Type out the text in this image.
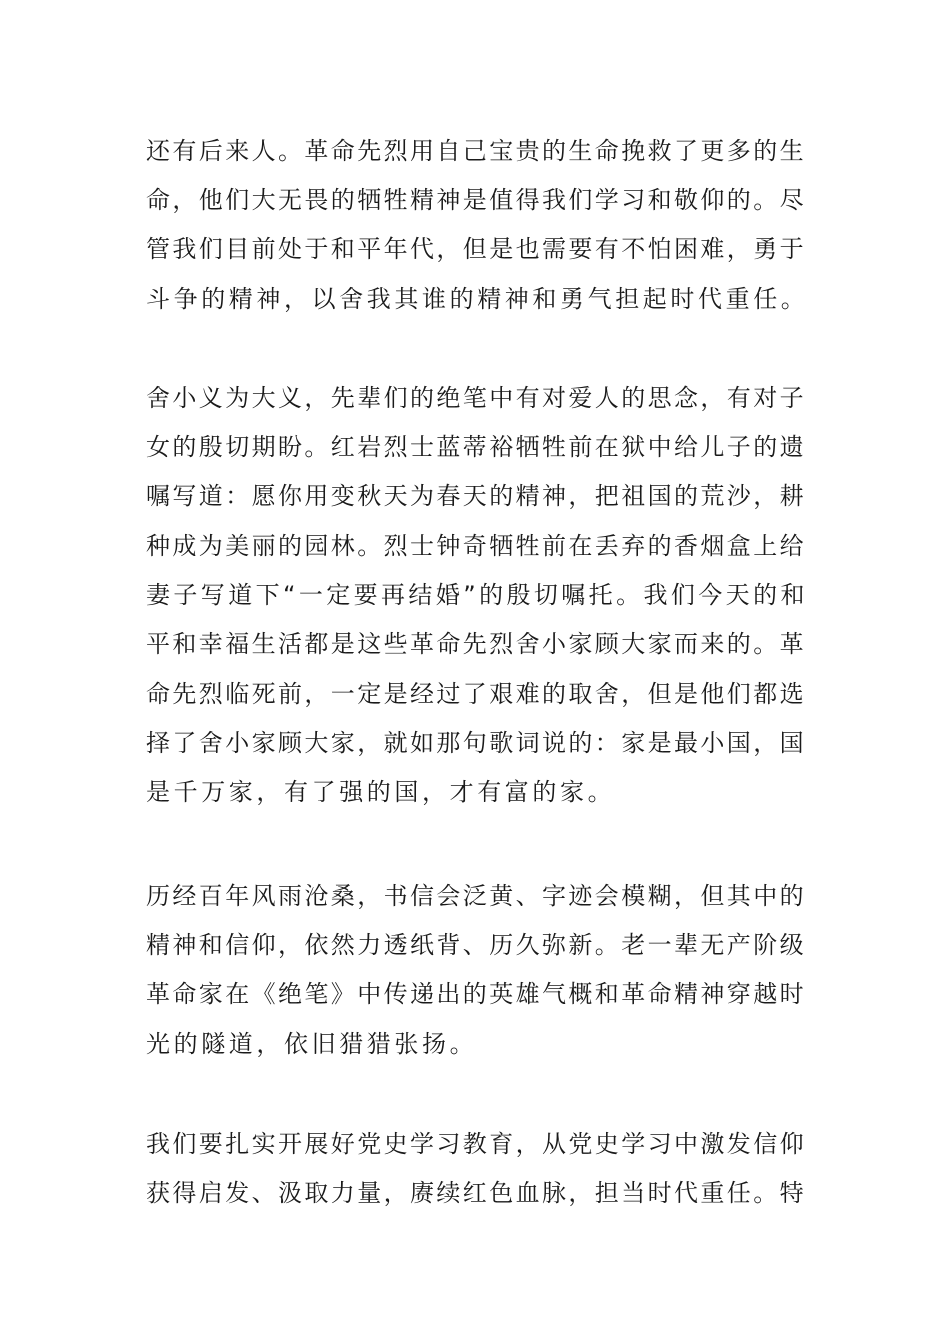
还有后来人。革命先烈用自己宝贵的生命挽救了更多的生
命，他们大无畏的牺牲精神是值得我们学习和敬仰的。尽
管我们目前处于和平年代，但是也需要有不怕困难，勇于
斗争的精神，以舍我其谁的精神和勇气担起时代重任。
舍小义为大义，先辈们的绝笔中有对爱人的思念，有对子
女的殷切期盼。红岩烈士蓝蒂裕牺牲前在狱中给儿子的遗
嘱写道：愿你用变秋天为春天的精神，把祖国的荒沙，耕
种成为美丽的园林。烈士钟奇牺牲前在丢弃的香烟盒上给
妻子写道下“一定要再结婚”的殷切嘱托。我们今天的和
平和幸福生活都是这些革命先烈舍小家顾大家而来的。革
命先烈临死前，一定是经过了艰难的取舍，但是他们都选
择了舍小家顾大家，就如那句歌词说的：家是最小国，国
是千万家，有了强的国，才有富的家。
历经百年风雨沧桑，书信会泛黄、字迹会模糊，但其中的
精神和信仰，依然力透纸背、历久弥新。老一辈无产阶级
革命家在《绝笔》中传递出的英雄气概和革命精神穿越时
光的隧道，依旧猎猎张扬。
我们要扎实开展好党史学习教育，从党史学习中激发信仰
获得启发、汲取力量，赓续红色血脉，担当时代重任。特
